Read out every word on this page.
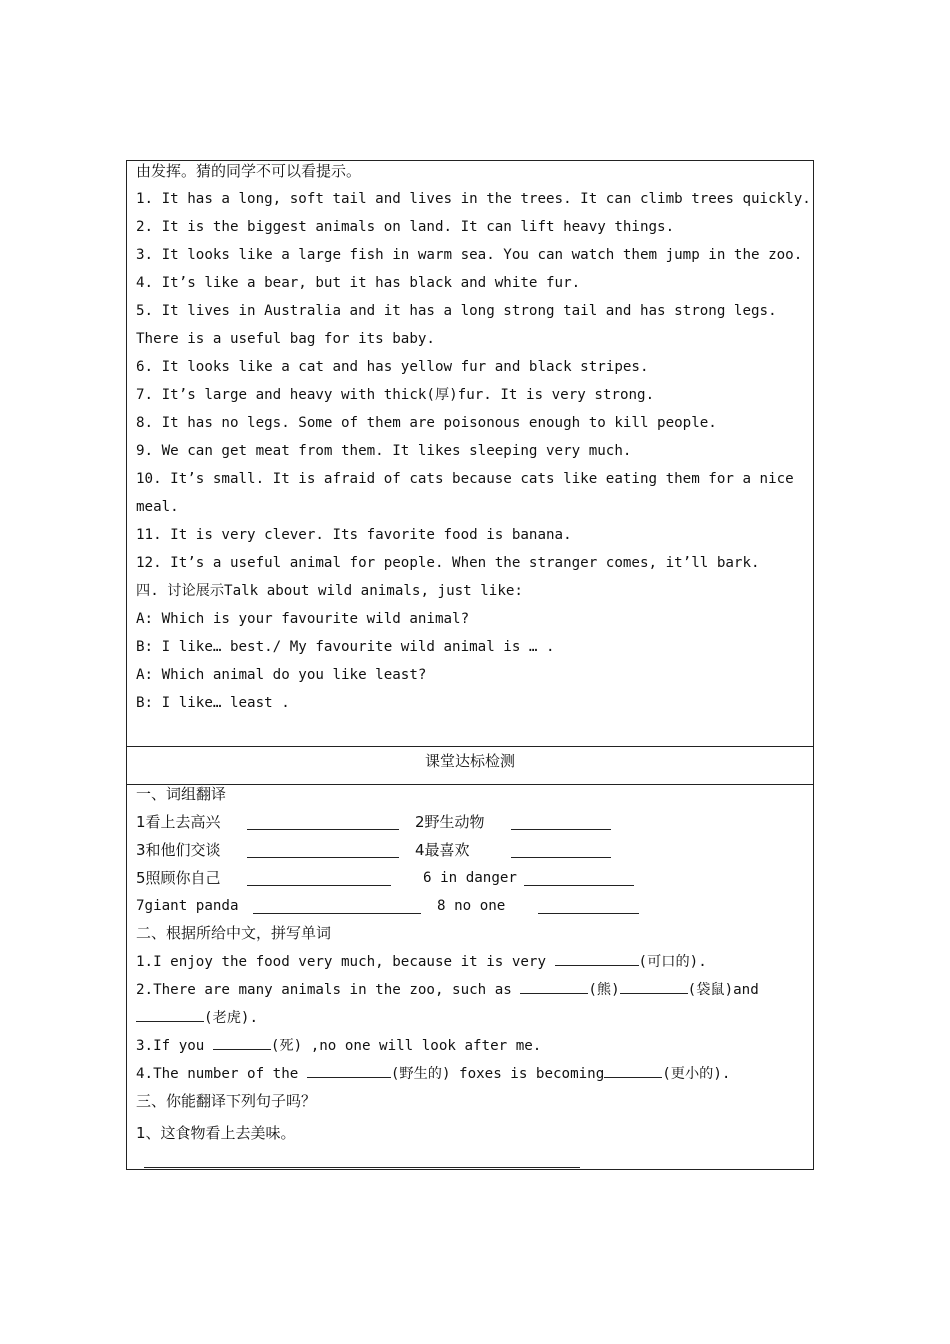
由发挥。猜的同学不可以看提示。
1. It has a long, soft tail and lives in the trees. It can climb trees quickly.
2. It is the biggest animals on land. It can lift heavy things.
3. It looks like a large fish in warm sea. You can watch them jump in the zoo.
4. It’s like a bear, but it has black and white fur.
5. It lives in Australia and it has a long strong tail and has strong legs.
There is a useful bag for its baby.
6. It looks like a cat and has yellow fur and black stripes.
7. It’s large and heavy with thick(厚)fur. It is very strong.
8. It has no legs. Some of them are poisonous enough to kill people.
9. We can get meat from them. It likes sleeping very much.
10. It’s small. It is afraid of cats because cats like eating them for a nice
meal.
11. It is very clever. Its favorite food is banana.
12. It’s a useful animal for people. When the stranger comes, it’ll bark.
四. 讨论展示Talk about wild animals, just like:
A: Which is your favourite wild animal?
B: I like… best./ My favourite wild animal is … .
A: Which animal do you like least?
B: I like… least .
课堂达标检测
一、词组翻译
1看上去高兴	2野生动物
3和他们交谈	4最喜欢
5照顾你自己	6 in danger
7giant panda	8 no one
二、根据所给中文，拼写单词
1.I enjoy the food very much, because it is very	(可口的).
2.There are many animals in the zoo, such as	(熊)	(袋鼠)and
(老虎).
3.If you	(死) ,no one will look after me.
4.The number of the	(野生的) foxes is becoming	(更小的).
三、你能翻译下列句子吗？
1、这食物看上去美味。
